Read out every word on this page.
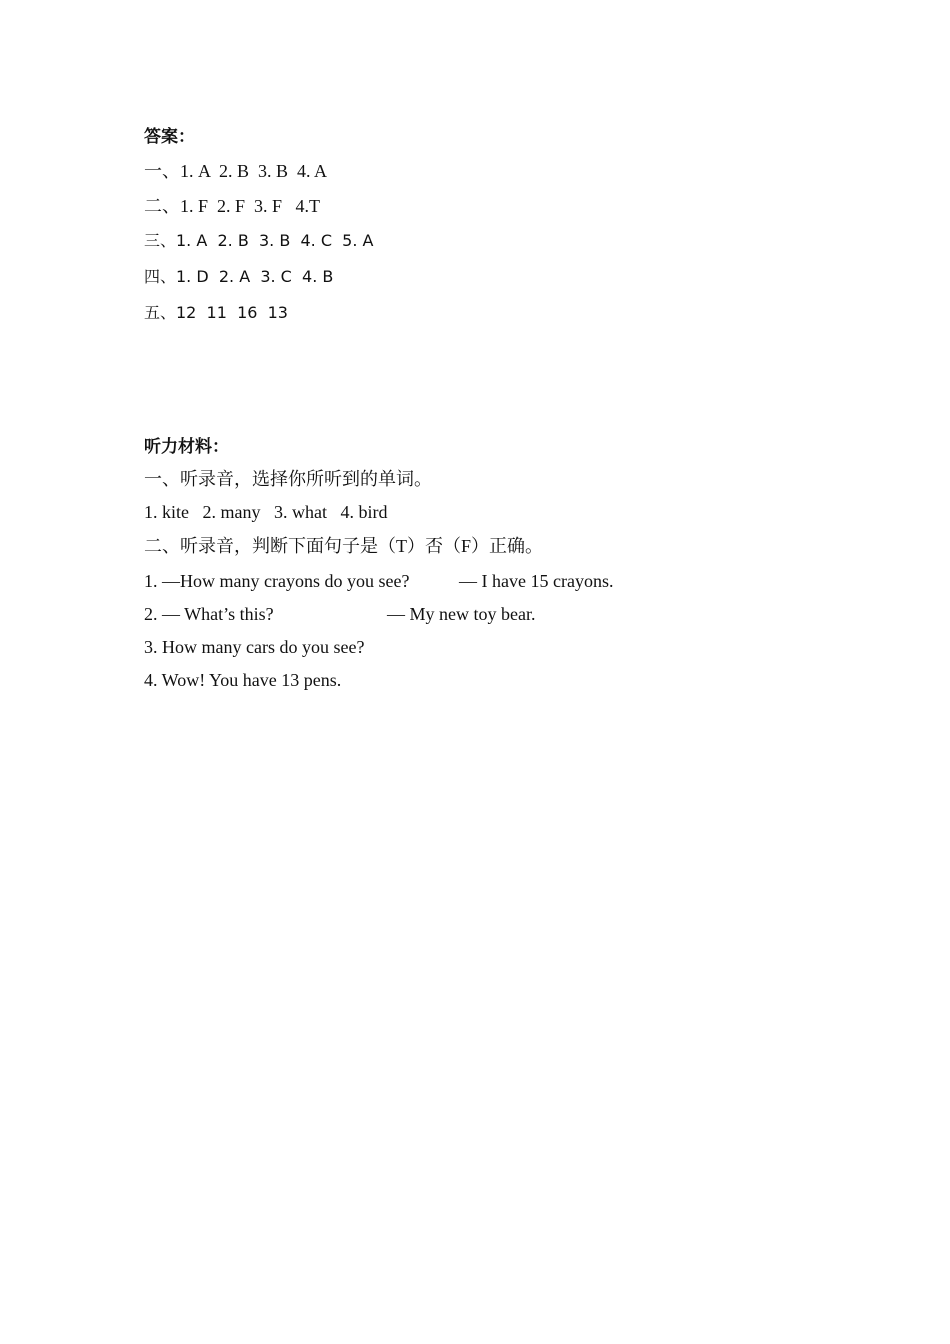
答案：
一、1. A  2. B  3. B  4. A
二、1. F  2. F  3. F   4.T
三、1. A  2. B  3. B  4. C  5. A
四、1. D  2. A  3. C  4. B
五、12  11  16  13
听力材料：
一、听录音，选择你所听到的单词。
1. kite   2. many   3. what   4. bird
二、听录音，判断下面句子是（T）否（F）正确。
1. —How many crayons do you see?	— I have 15 crayons.
2. — What’s this?	— My new toy bear.
3. How many cars do you see?
4. Wow! You have 13 pens.
